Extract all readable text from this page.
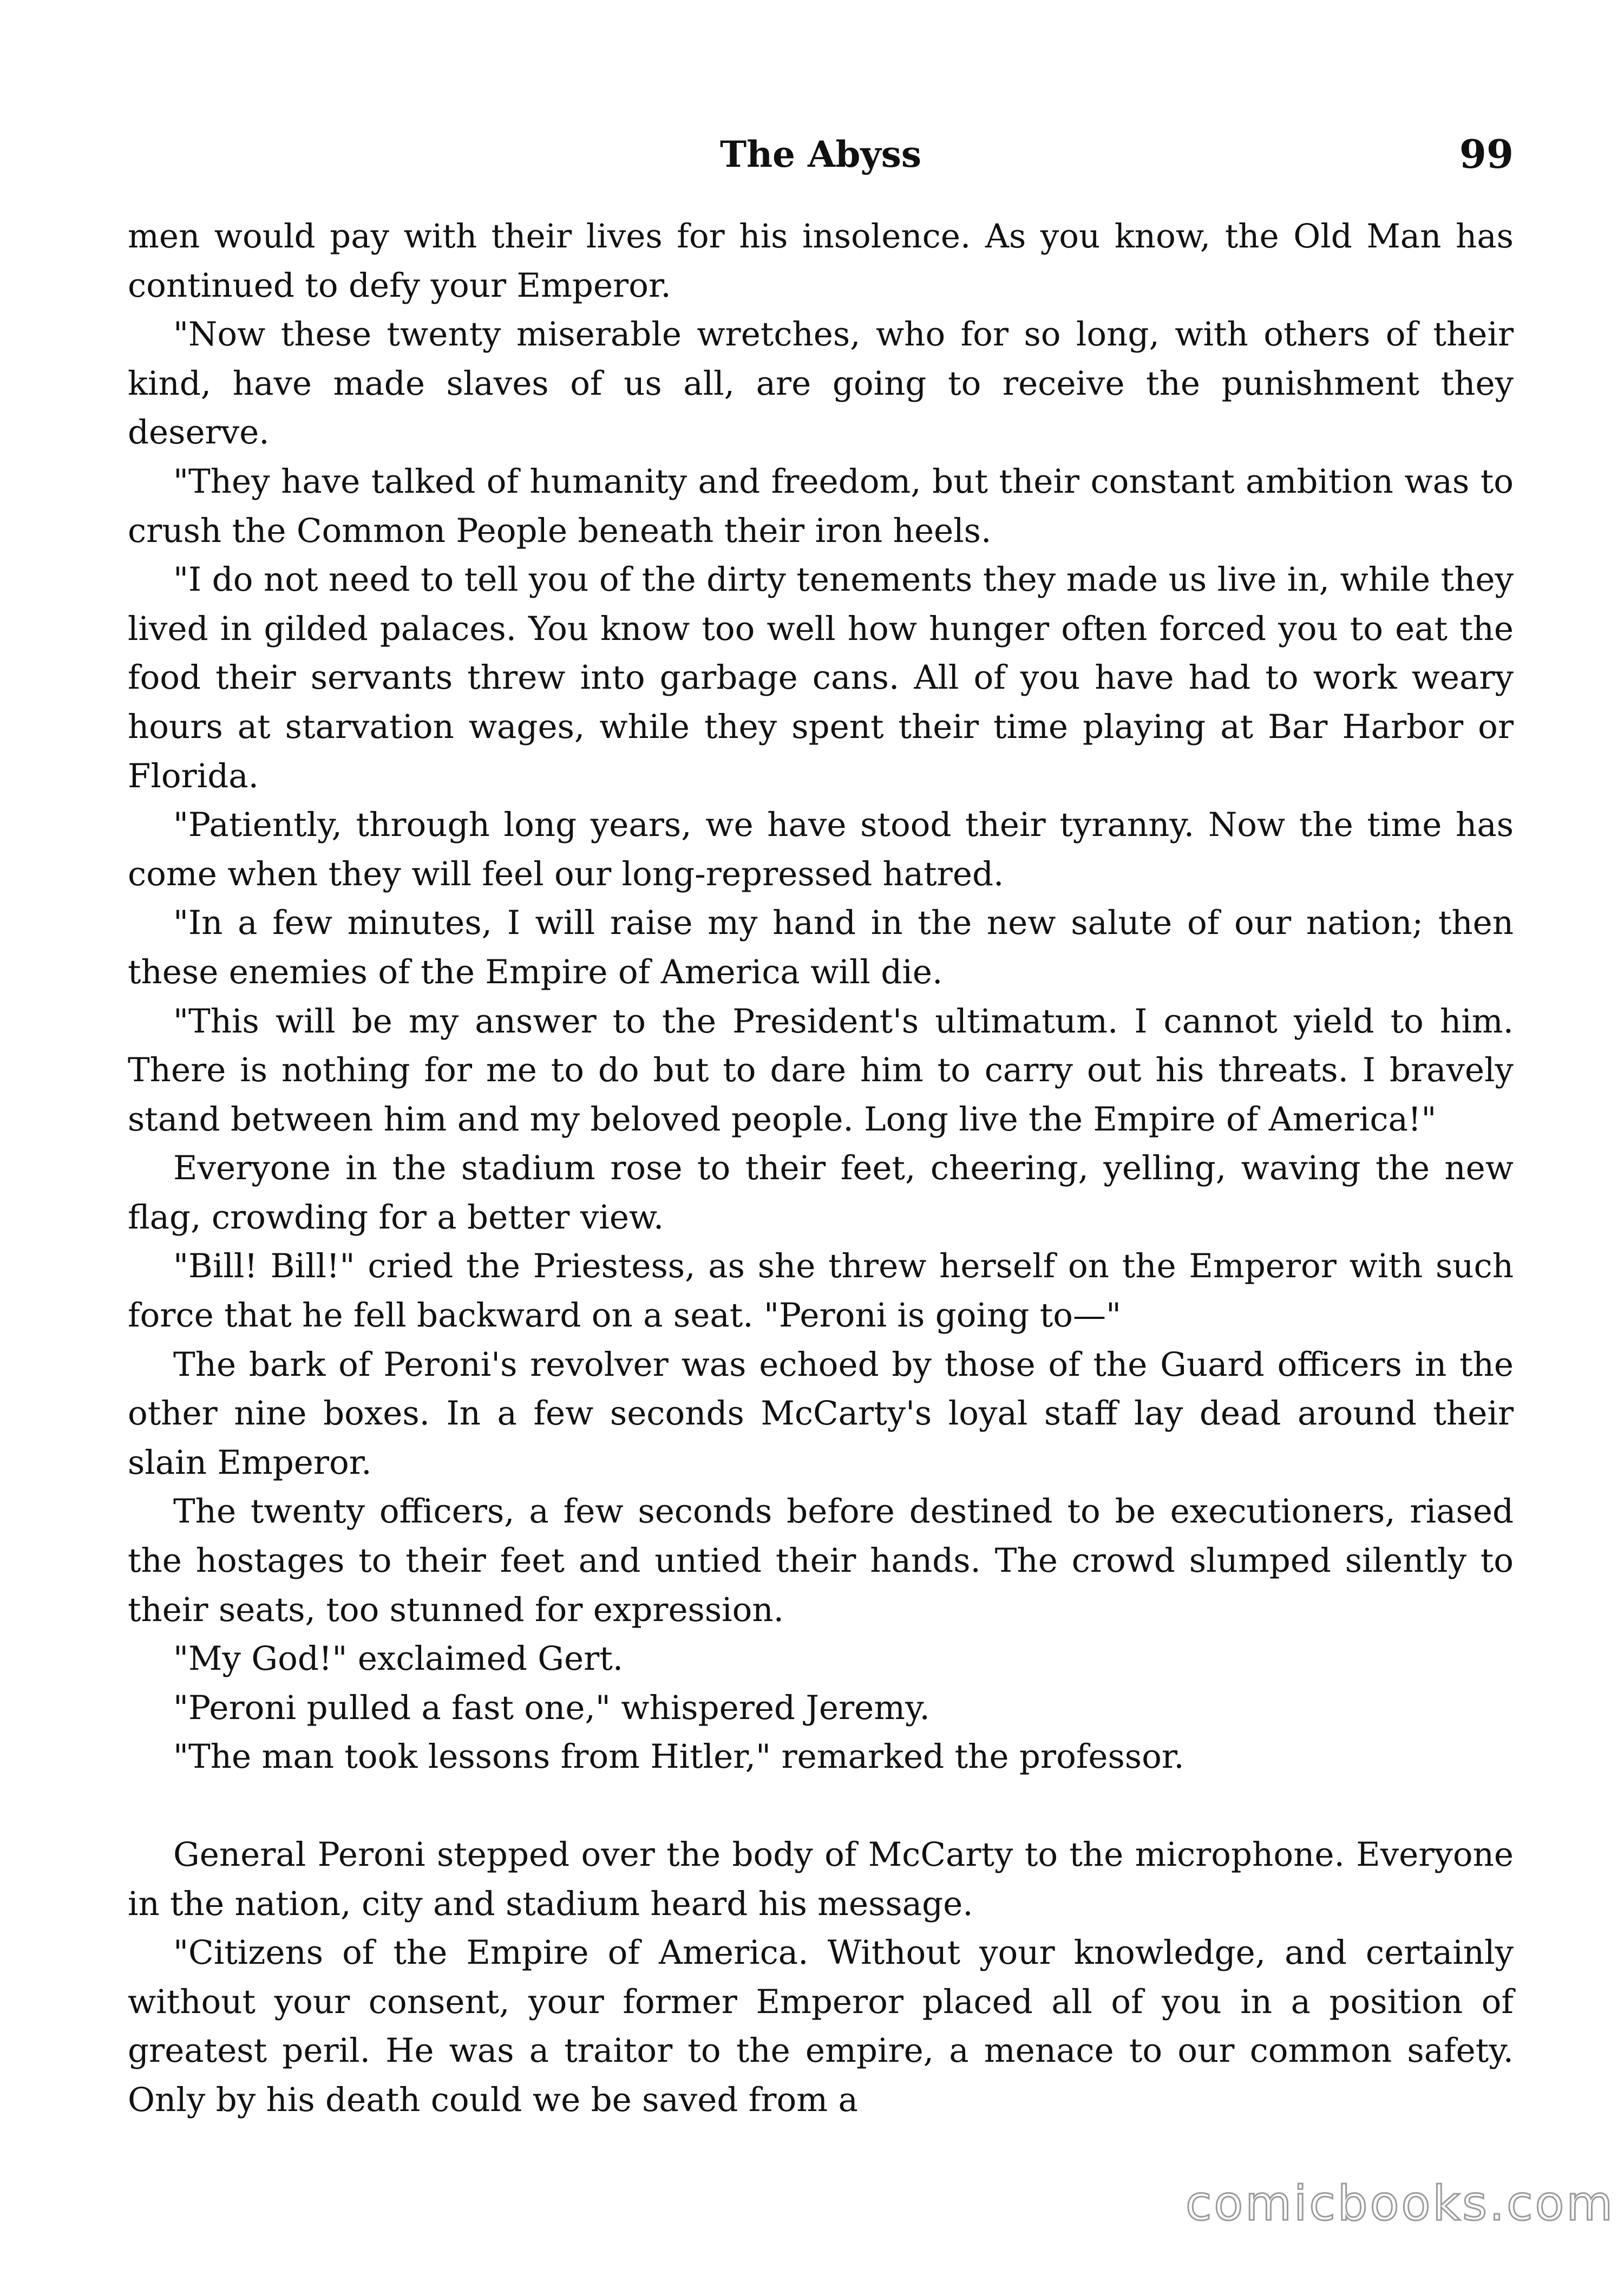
The Abyss	99

men would pay with their lives for his insolence. As you know, the Old Man has continued to defy your Emperor.

"Now these twenty miserable wretches, who for so long, with others of their kind, have made slaves of us all, are going to receive the punishment they deserve.

"They have talked of humanity and freedom, but their constant ambition was to crush the Common People beneath their iron heels.

"I do not need to tell you of the dirty tenements they made us live in, while they lived in gilded palaces. You know too well how hunger often forced you to eat the food their servants threw into garbage cans. All of you have had to work weary hours at starvation wages, while they spent their time playing at Bar Harbor or Florida.

"Patiently, through long years, we have stood their tyranny. Now the time has come when they will feel our long-repressed hatred.

"In a few minutes, I will raise my hand in the new salute of our nation; then these enemies of the Empire of America will die.

"This will be my answer to the President's ultimatum. I cannot yield to him. There is nothing for me to do but to dare him to carry out his threats. I bravely stand between him and my beloved people. Long live the Empire of America!"

Everyone in the stadium rose to their feet, cheering, yelling, waving the new flag, crowding for a better view.

"Bill! Bill!" cried the Priestess, as she threw herself on the Emperor with such force that he fell backward on a seat. "Peroni is going to—"

The bark of Peroni's revolver was echoed by those of the Guard officers in the other nine boxes. In a few seconds McCarty's loyal staff lay dead around their slain Emperor.

The twenty officers, a few seconds before destined to be executioners, riased the hostages to their feet and untied their hands. The crowd slumped silently to their seats, too stunned for expression.

"My God!" exclaimed Gert.

"Peroni pulled a fast one," whispered Jeremy.

"The man took lessons from Hitler," remarked the professor.

General Peroni stepped over the body of McCarty to the microphone. Everyone in the nation, city and stadium heard his message.

"Citizens of the Empire of America. Without your knowledge, and certainly without your consent, your former Emperor placed all of you in a position of greatest peril. He was a traitor to the empire, a menace to our common safety. Only by his death could we be saved from a

comicbooks.com
